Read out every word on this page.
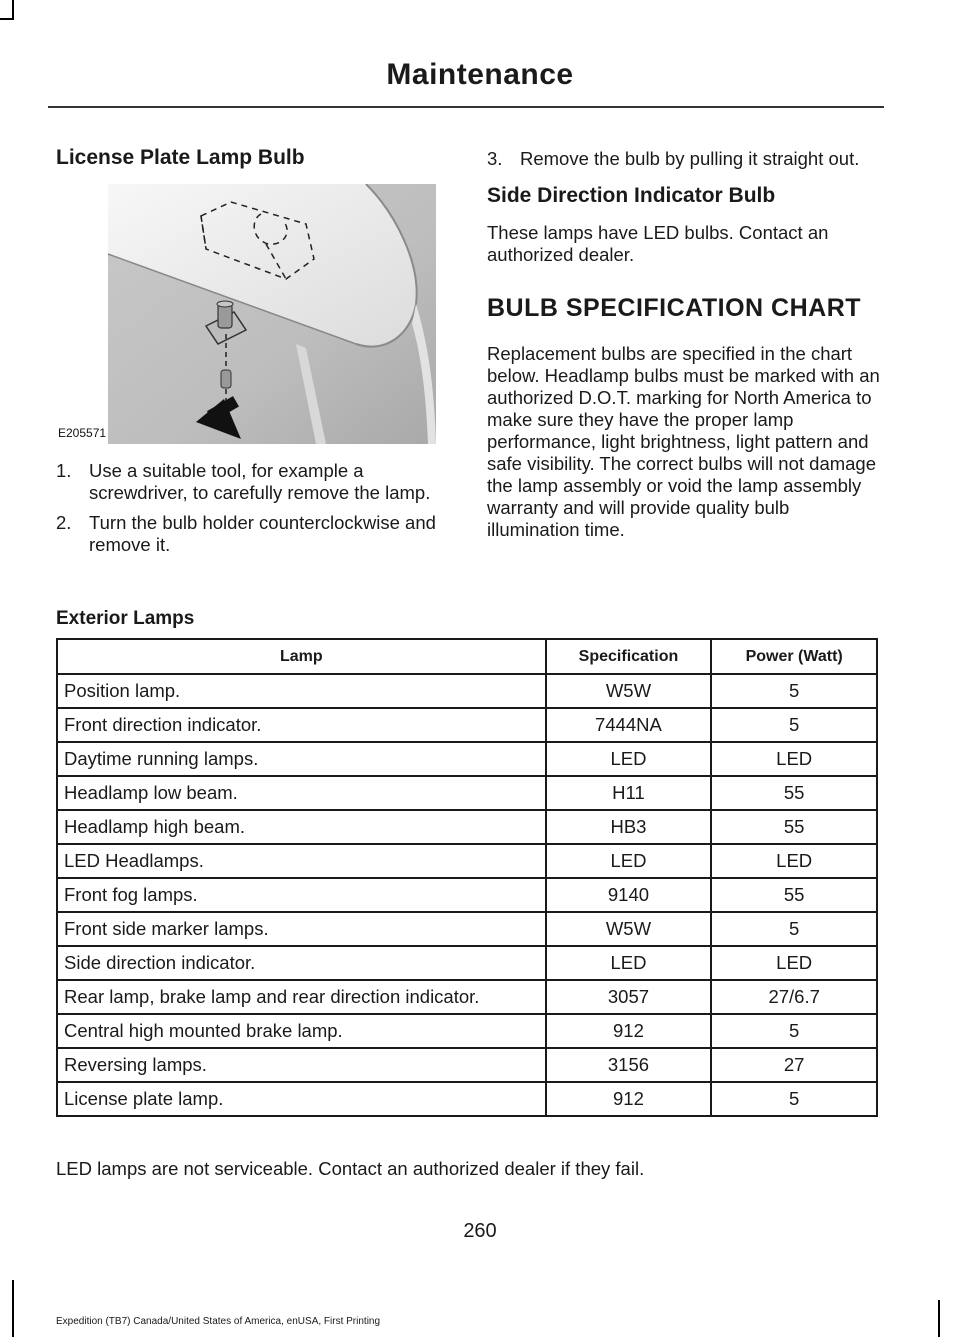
Maintenance
License Plate Lamp Bulb
E205571
1. Use a suitable tool, for example a screwdriver, to carefully remove the lamp.
2. Turn the bulb holder counterclockwise and remove it.
3. Remove the bulb by pulling it straight out.
Side Direction Indicator Bulb

These lamps have LED bulbs. Contact an authorized dealer.

BULB SPECIFICATION CHART

Replacement bulbs are specified in the chart below. Headlamp bulbs must be marked with an authorized D.O.T. marking for North America to make sure they have the proper lamp performance, light brightness, light pattern and safe visibility. The correct bulbs will not damage the lamp assembly or void the lamp assembly warranty and will provide quality bulb illumination time.

Exterior Lamps
Lamp	Specification	Power (Watt)
Position lamp.	W5W	5
Front direction indicator.	7444NA	5
Daytime running lamps.	LED	LED
Headlamp low beam.	H11	55
Headlamp high beam.	HB3	55
LED Headlamps.	LED	LED
Front fog lamps.	9140	55
Front side marker lamps.	W5W	5
Side direction indicator.	LED	LED
Rear lamp, brake lamp and rear direction indicator.	3057	27/6.7
Central high mounted brake lamp.	912	5
Reversing lamps.	3156	27
License plate lamp.	912	5
LED lamps are not serviceable. Contact an authorized dealer if they fail.
260
Expedition (TB7) Canada/United States of America, enUSA, First Printing
